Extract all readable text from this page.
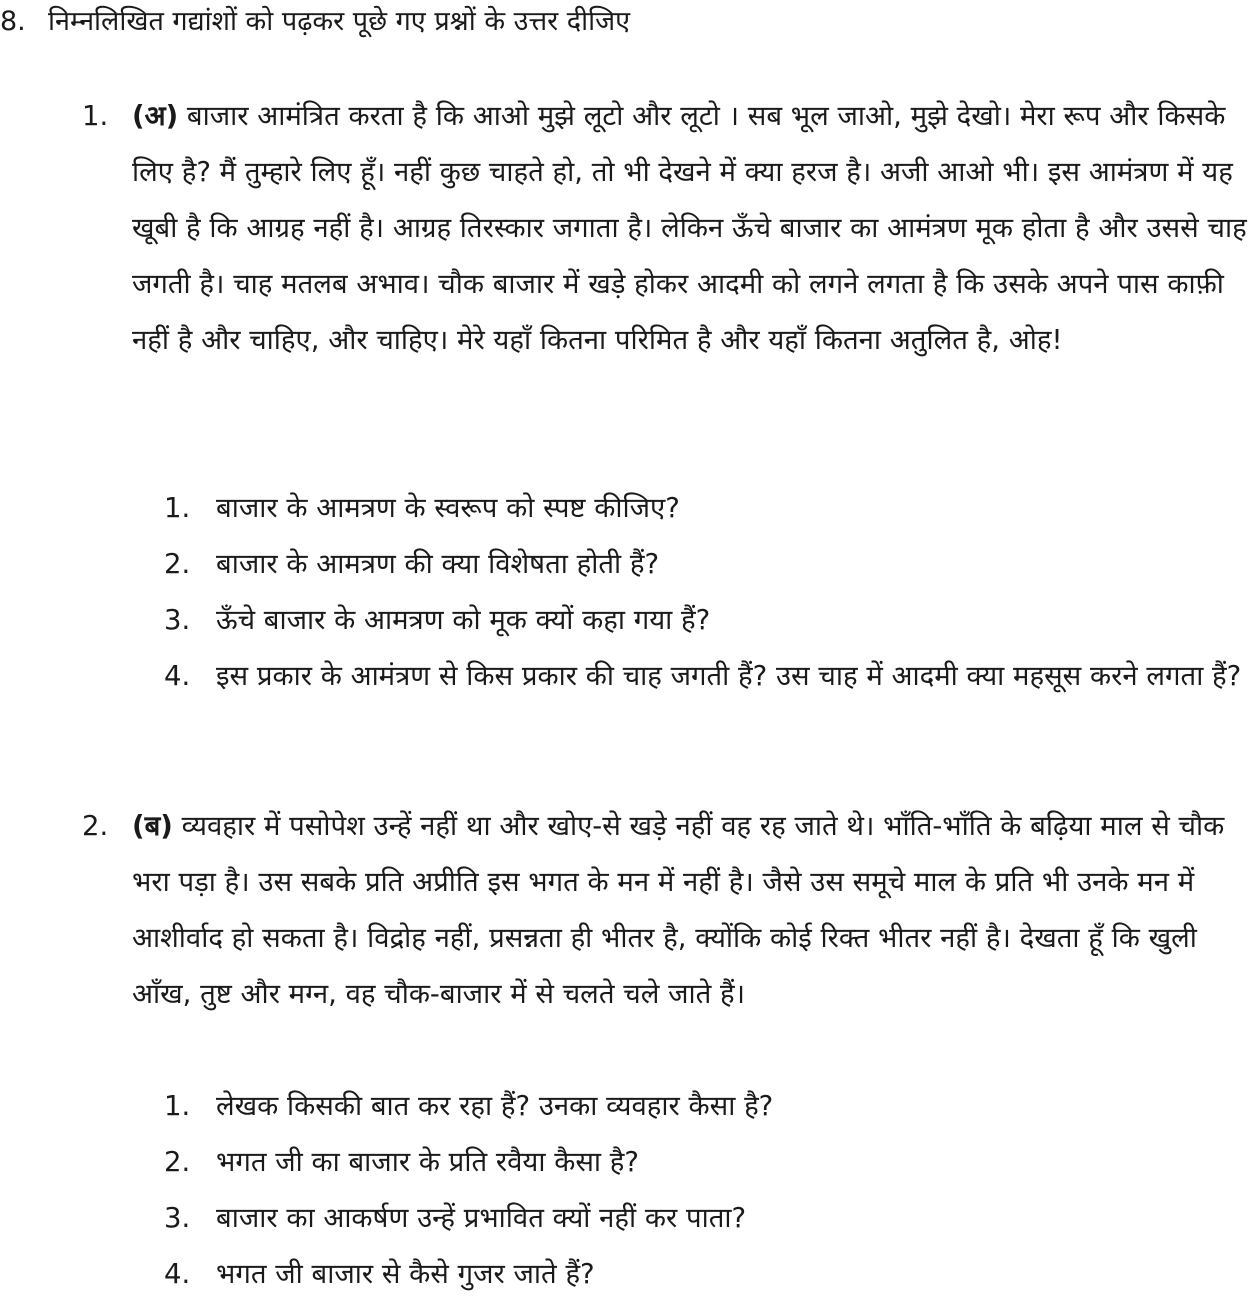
8. निम्नलिखित गद्यांशों को पढ़कर पूछे गए प्रश्नों के उत्तर दीजिए

1. (अ) बाजार आमंत्रित करता है कि आओ मुझे लूटो और लूटो । सब भूल जाओ, मुझे देखो। मेरा रूप और किसके लिए है? मैं तुम्हारे लिए हूँ। नहीं कुछ चाहते हो, तो भी देखने में क्या हरज है। अजी आओ भी। इस आमंत्रण में यह खूबी है कि आग्रह नहीं है। आग्रह तिरस्कार जगाता है। लेकिन ऊँचे बाजार का आमंत्रण मूक होता है और उससे चाह जगती है। चाह मतलब अभाव। चौक बाजार में खड़े होकर आदमी को लगने लगता है कि उसके अपने पास काफ़ी नहीं है और चाहिए, और चाहिए। मेरे यहाँ कितना परिमित है और यहाँ कितना अतुलित है, ओह!

1. बाजार के आमत्रण के स्वरूप को स्पष्ट कीजिए?

2. बाजार के आमत्रण की क्या विशेषता होती हैं?

3. ऊँचे बाजार के आमत्रण को मूक क्यों कहा गया हैं?

4. इस प्रकार के आमंत्रण से किस प्रकार की चाह जगती हैं? उस चाह में आदमी क्या महसूस करने लगता हैं?

2. (ब) व्यवहार में पसोपेश उन्हें नहीं था और खोए-से खड़े नहीं वह रह जाते थे। भाँति-भाँति के बढ़िया माल से चौक भरा पड़ा है। उस सबके प्रति अप्रीति इस भगत के मन में नहीं है। जैसे उस समूचे माल के प्रति भी उनके मन में आशीर्वाद हो सकता है। विद्रोह नहीं, प्रसन्नता ही भीतर है, क्योंकि कोई रिक्त भीतर नहीं है। देखता हूँ कि खुली आँख, तुष्ट और मग्न, वह चौक-बाजार में से चलते चले जाते हैं।

1. लेखक किसकी बात कर रहा हैं? उनका व्यवहार कैसा है?

2. भगत जी का बाजार के प्रति रवैया कैसा है?

3. बाजार का आकर्षण उन्हें प्रभावित क्यों नहीं कर पाता?

4. भगत जी बाजार से कैसे गुजर जाते हैं?
